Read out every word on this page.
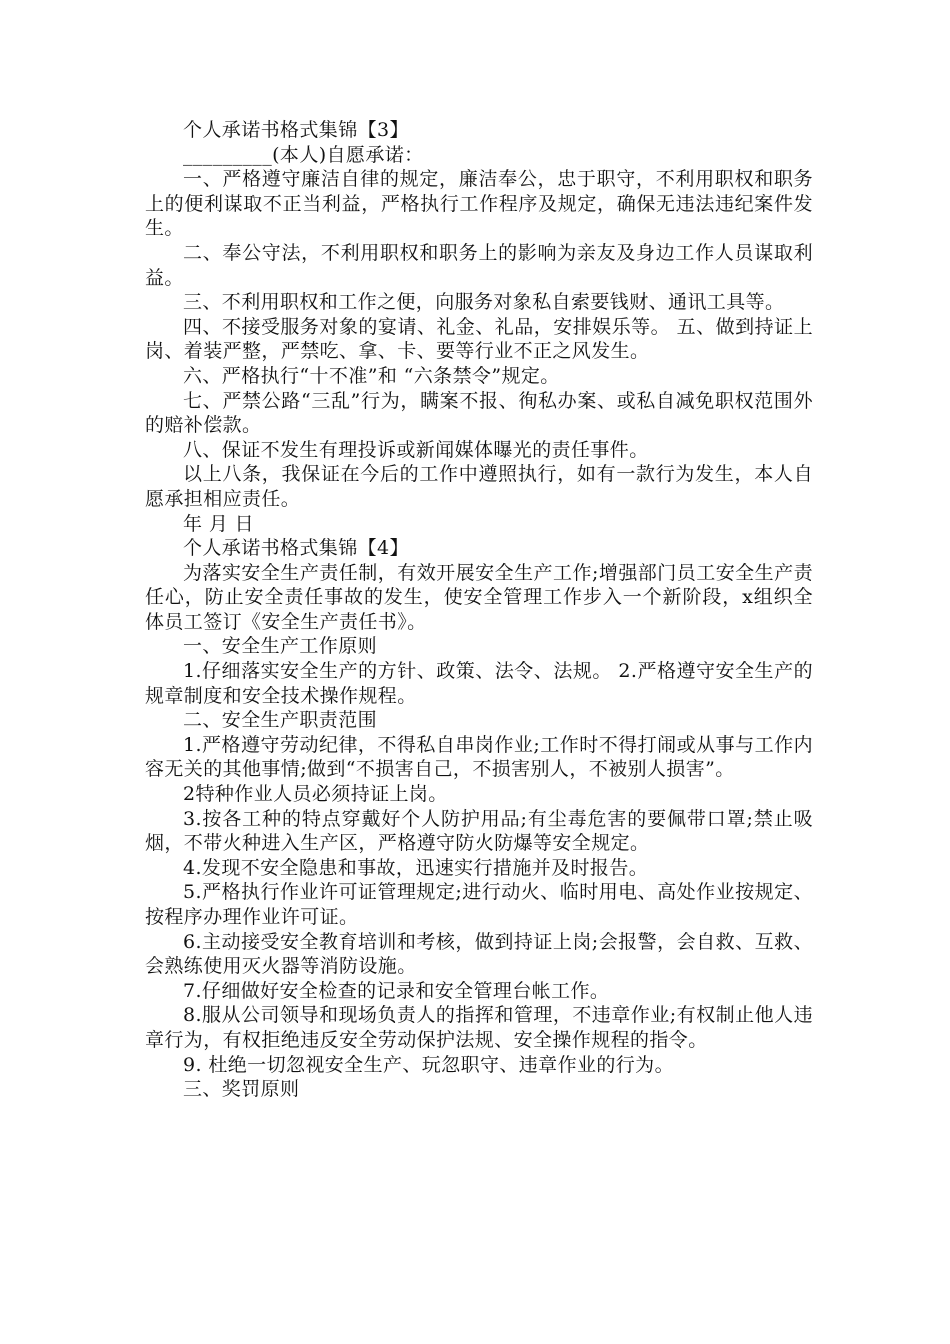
个人承诺书格式集锦【3】

_________(本人)自愿承诺：

一、严格遵守廉洁自律的规定，廉洁奉公，忠于职守，不利用职权和职务上的便利谋取不正当利益，严格执行工作程序及规定，确保无违法违纪案件发生。

二、奉公守法，不利用职权和职务上的影响为亲友及身边工作人员谋取利益。

三、不利用职权和工作之便，向服务对象私自索要钱财、通讯工具等。

四、不接受服务对象的宴请、礼金、礼品，安排娱乐等。 五、做到持证上岗、着装严整，严禁吃、拿、卡、要等行业不正之风发生。

六、严格执行“十不准”和 “六条禁令”规定。

七、严禁公路“三乱”行为，瞒案不报、徇私办案、或私自减免职权范围外的赔补偿款。

八、保证不发生有理投诉或新闻媒体曝光的责任事件。

以上八条，我保证在今后的工作中遵照执行，如有一款行为发生，本人自愿承担相应责任。

年 月 日

个人承诺书格式集锦【4】

为落实安全生产责任制，有效开展安全生产工作;增强部门员工安全生产责任心，防止安全责任事故的发生，使安全管理工作步入一个新阶段，x组织全体员工签订《安全生产责任书》。

一、安全生产工作原则

1.仔细落实安全生产的方针、政策、法令、法规。 2.严格遵守安全生产的规章制度和安全技术操作规程。

二、安全生产职责范围

1.严格遵守劳动纪律，不得私自串岗作业;工作时不得打闹或从事与工作内容无关的其他事情;做到“不损害自己，不损害别人，不被别人损害”。

2特种作业人员必须持证上岗。

3.按各工种的特点穿戴好个人防护用品;有尘毒危害的要佩带口罩;禁止吸烟，不带火种进入生产区，严格遵守防火防爆等安全规定。

4.发现不安全隐患和事故，迅速实行措施并及时报告。

5.严格执行作业许可证管理规定;进行动火、临时用电、高处作业按规定、按程序办理作业许可证。

6.主动接受安全教育培训和考核，做到持证上岗;会报警，会自救、互救、会熟练使用灭火器等消防设施。

7.仔细做好安全检查的记录和安全管理台帐工作。

8.服从公司领导和现场负责人的指挥和管理，不违章作业;有权制止他人违章行为，有权拒绝违反安全劳动保护法规、安全操作规程的指令。

9. 杜绝一切忽视安全生产、玩忽职守、违章作业的行为。

三、奖罚原则
